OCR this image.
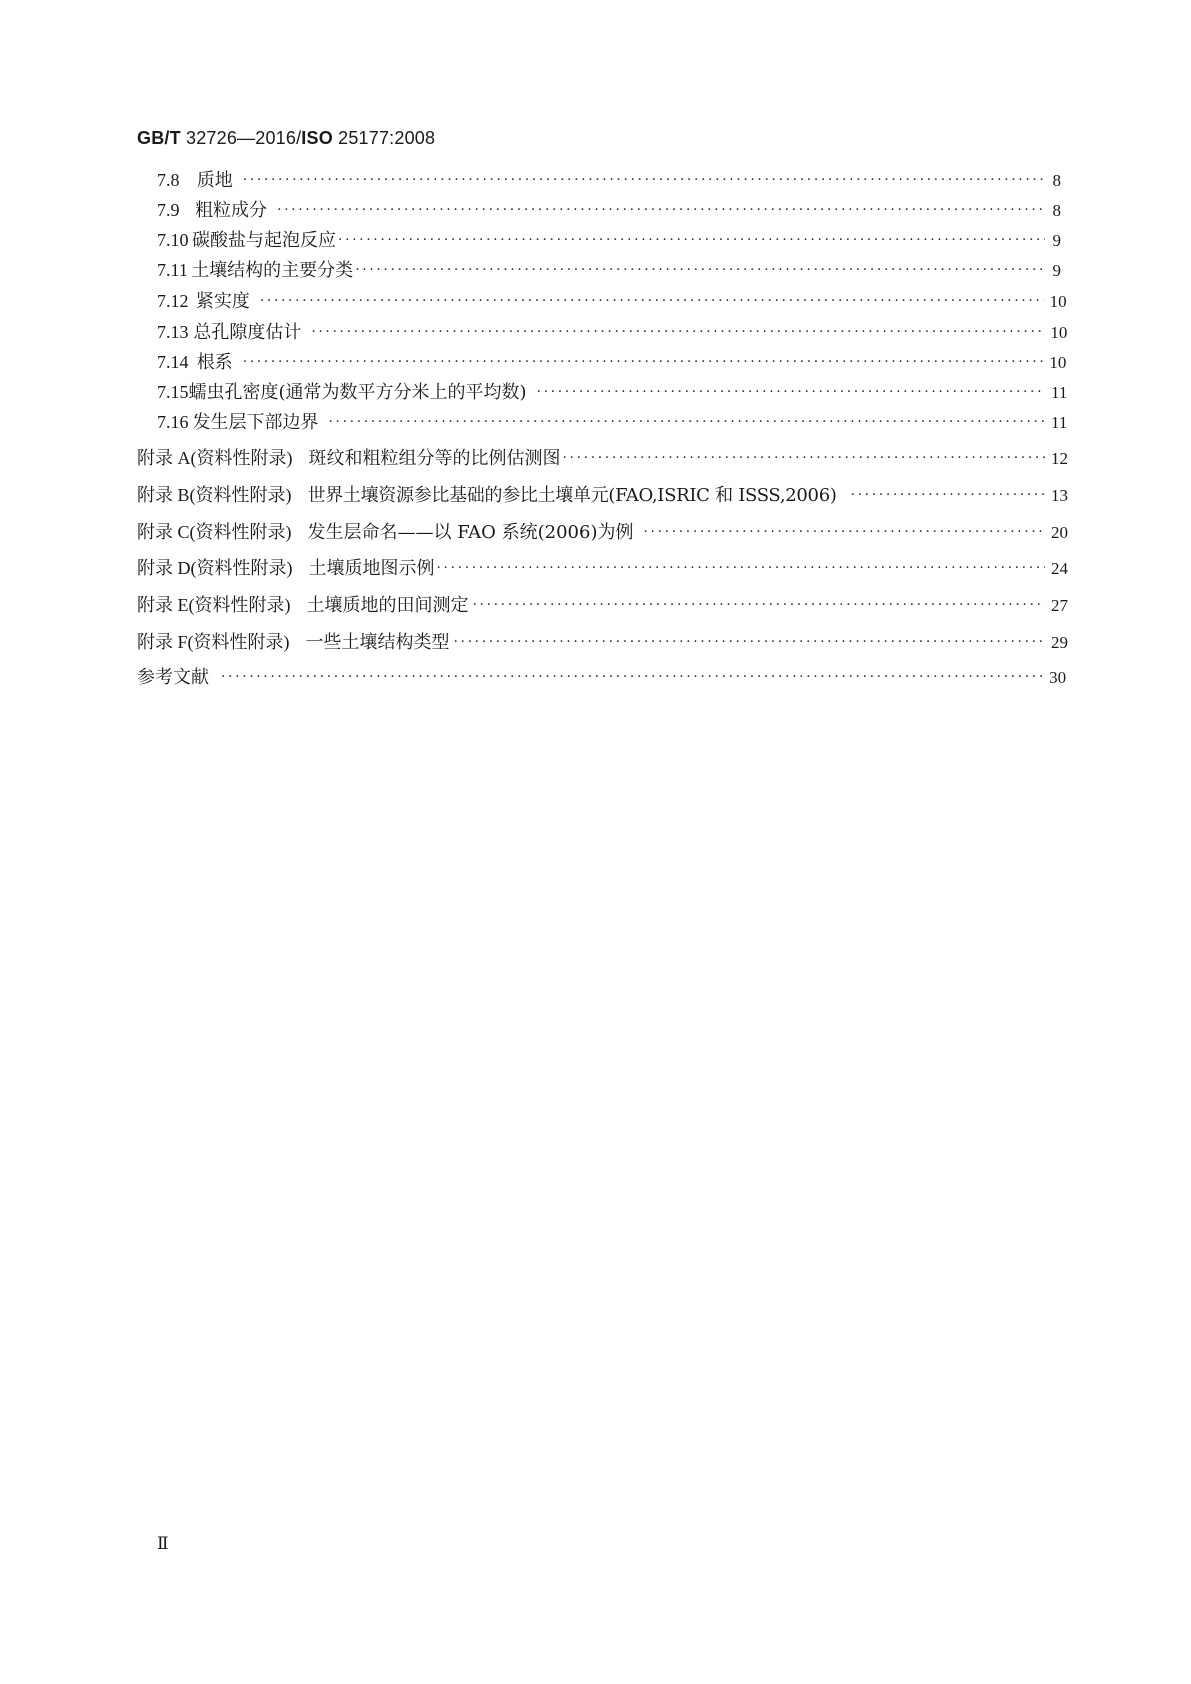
GB/T 32726—2016/ISO 25177:2008
7.8 质地 ·····	8
7.9 粗粒成分 ·····	8
7.10 碳酸盐与起泡反应 ·····	9
7.11 土壤结构的主要分类 ·····	9
7.12 紧实度 ·····	10
7.13 总孔隙度估计 ·····	10
7.14 根系 ·····	10
7.15 蠕虫孔密度(通常为数平方分米上的平均数) ·····	11
7.16 发生层下部边界 ·····	11
附录 A(资料性附录) 斑纹和粗粒组分等的比例估测图 ·····	12
附录 B(资料性附录) 世界土壤资源参比基础的参比土壤单元(FAO,ISRIC 和 ISSS,2006) ·····	13
附录 C(资料性附录) 发生层命名——以 FAO 系统(2006)为例 ·····	20
附录 D(资料性附录) 土壤质地图示例 ·····	24
附录 E(资料性附录) 土壤质地的田间测定 ·····	27
附录 F(资料性附录) 一些土壤结构类型 ·····	29
参考文献 ·····	30
Ⅱ
